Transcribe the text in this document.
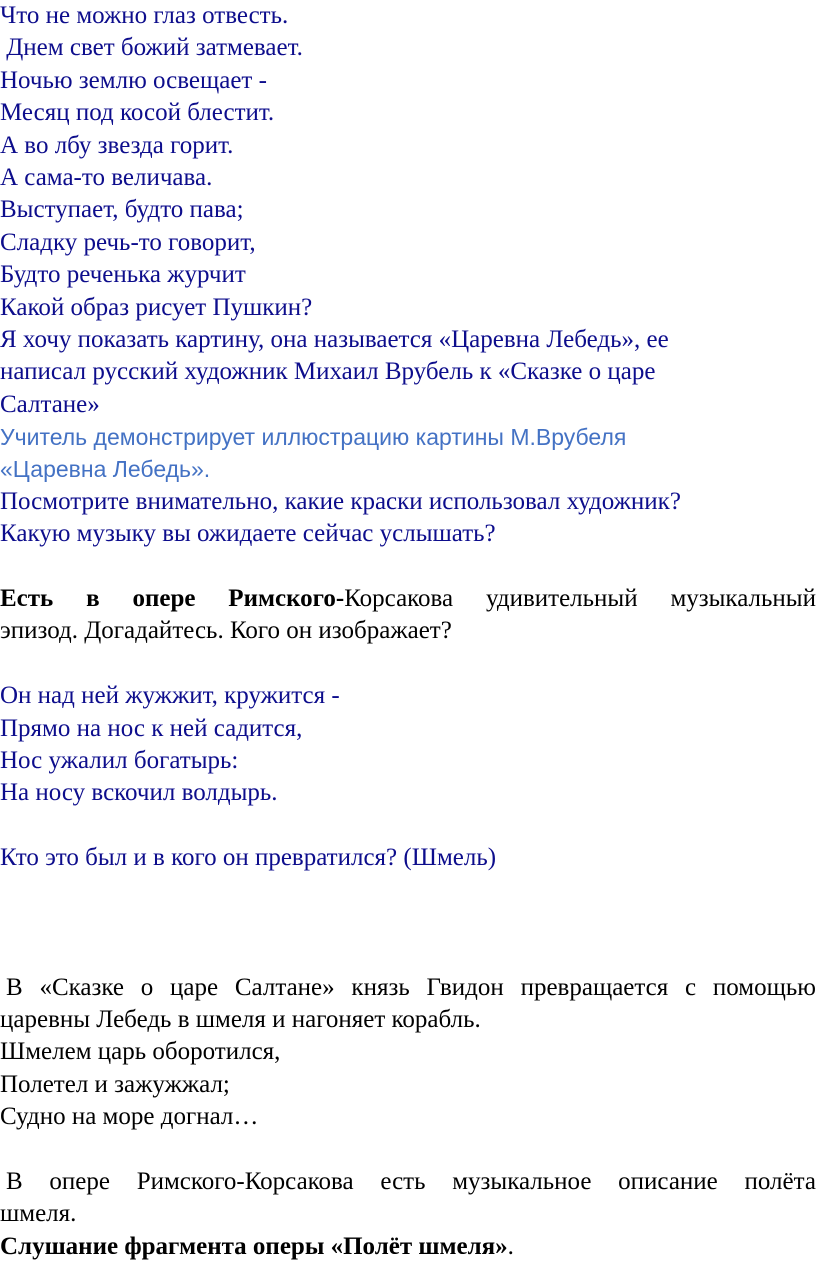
Что не можно глаз отвесть.
Днем свет божий затмевает.
Ночью землю освещает -
Месяц под косой блестит.
А во лбу звезда горит.
А сама-то величава.
Выступает, будто пава;
Сладку речь-то говорит,
Будто реченька журчит
Какой образ рисует Пушкин?
Я хочу показать картину, она называется «Царевна Лебедь», ее
написал русский художник Михаил Врубель к «Сказке о царе
Салтане»
Учитель демонстрирует иллюстрацию картины М.Врубеля
«Царевна Лебедь».
Посмотрите внимательно, какие краски использовал художник?
Какую музыку вы ожидаете сейчас услышать?
Есть в опере Римского-Корсакова удивительный музыкальный
эпизод. Догадайтесь. Кого он изображает?
Он над ней жужжит, кружится -
Прямо на нос к ней садится,
Нос ужалил богатырь:
На носу вскочил волдырь.
Кто это был и в кого он превратился? (Шмель)
В «Сказке о царе Салтане» князь Гвидон превращается с помощью
царевны Лебедь в шмеля и нагоняет корабль.
Шмелем царь оборотился,
Полетел и зажужжал;
Судно на море догнал…
В опере Римского-Корсакова есть музыкальное описание полёта
шмеля.
Слушание фрагмента оперы «Полёт шмеля».
